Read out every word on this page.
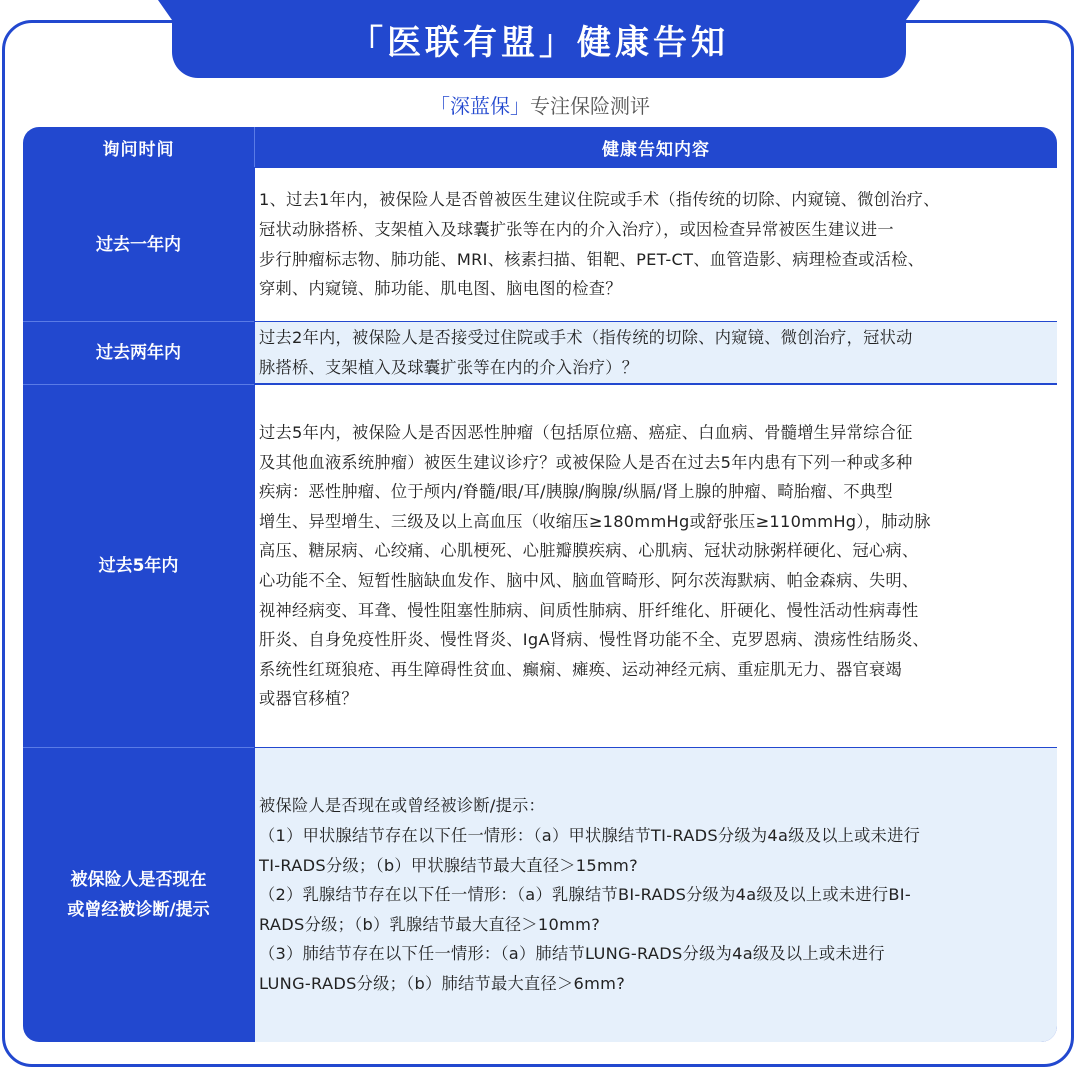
「医联有盟」健康告知
「深蓝保」专注保险测评
询问时间	健康告知内容
过去一年内
1、过去1年内，被保险人是否曾被医生建议住院或手术（指传统的切除、内窥镜、微创治疗、
冠状动脉搭桥、支架植入及球囊扩张等在内的介入治疗），或因检查异常被医生建议进一
步行肿瘤标志物、肺功能、MRI、核素扫描、钼靶、PET-CT、血管造影、病理检查或活检、
穿刺、内窥镜、肺功能、肌电图、脑电图的检查？
过去两年内
过去2年内，被保险人是否接受过住院或手术（指传统的切除、内窥镜、微创治疗，冠状动
脉搭桥、支架植入及球囊扩张等在内的介入治疗）？
过去5年内
过去5年内，被保险人是否因恶性肿瘤（包括原位癌、癌症、白血病、骨髓增生异常综合征
及其他血液系统肿瘤）被医生建议诊疗？或被保险人是否在过去5年内患有下列一种或多种
疾病：恶性肿瘤、位于颅内/脊髓/眼/耳/胰腺/胸腺/纵膈/肾上腺的肿瘤、畸胎瘤、不典型
增生、异型增生、三级及以上高血压（收缩压≥180mmHg或舒张压≥110mmHg），肺动脉
高压、糖尿病、心绞痛、心肌梗死、心脏瓣膜疾病、心肌病、冠状动脉粥样硬化、冠心病、
心功能不全、短暂性脑缺血发作、脑中风、脑血管畸形、阿尔茨海默病、帕金森病、失明、
视神经病变、耳聋、慢性阻塞性肺病、间质性肺病、肝纤维化、肝硬化、慢性活动性病毒性
肝炎、自身免疫性肝炎、慢性肾炎、IgA肾病、慢性肾功能不全、克罗恩病、溃疡性结肠炎、
系统性红斑狼疮、再生障碍性贫血、癫痫、瘫痪、运动神经元病、重症肌无力、器官衰竭
或器官移植？
被保险人是否现在
或曾经被诊断/提示
被保险人是否现在或曾经被诊断/提示：
（1）甲状腺结节存在以下任一情形：（a）甲状腺结节TI-RADS分级为4a级及以上或未进行
TI-RADS分级；（b）甲状腺结节最大直径＞15mm?
（2）乳腺结节存在以下任一情形：（a）乳腺结节BI-RADS分级为4a级及以上或未进行BI-
RADS分级；（b）乳腺结节最大直径＞10mm?
（3）肺结节存在以下任一情形：（a）肺结节LUNG-RADS分级为4a级及以上或未进行
LUNG-RADS分级；（b）肺结节最大直径＞6mm?
